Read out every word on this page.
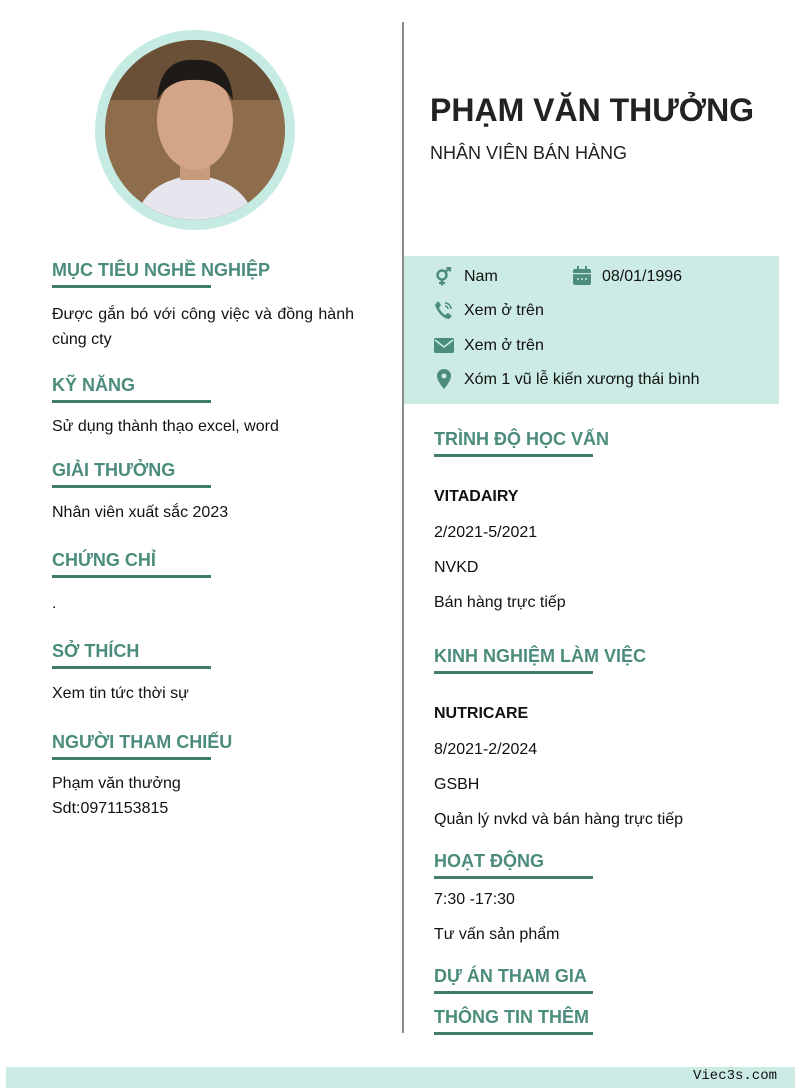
PHẠM VĂN THƯỞNG
NHÂN VIÊN BÁN HÀNG
Nam	08/01/1996
Xem ở trên
Xem ở trên
Xóm 1 vũ lễ kiến xương thái bình
MỤC TIÊU NGHỀ NGHIỆP
Được gắn bó với công việc và đồng hành cùng cty
KỸ NĂNG
Sử dụng thành thạo excel, word
GIẢI THƯỞNG
Nhân viên xuất sắc 2023
CHỨNG CHỈ
.
SỞ THÍCH
Xem tin tức thời sự
NGƯỜI THAM CHIẾU
Phạm văn thưởng
Sdt:0971153815
TRÌNH ĐỘ HỌC VẤN
VITADAIRY
2/2021-5/2021
NVKD
Bán hàng trực tiếp
KINH NGHIỆM LÀM VIỆC
NUTRICARE
8/2021-2/2024
GSBH
Quản lý nvkd và bán hàng trực tiếp
HOẠT ĐỘNG
7:30 -17:30
Tư vấn sản phẩm
DỰ ÁN THAM GIA
THÔNG TIN THÊM
Viec3s.com
